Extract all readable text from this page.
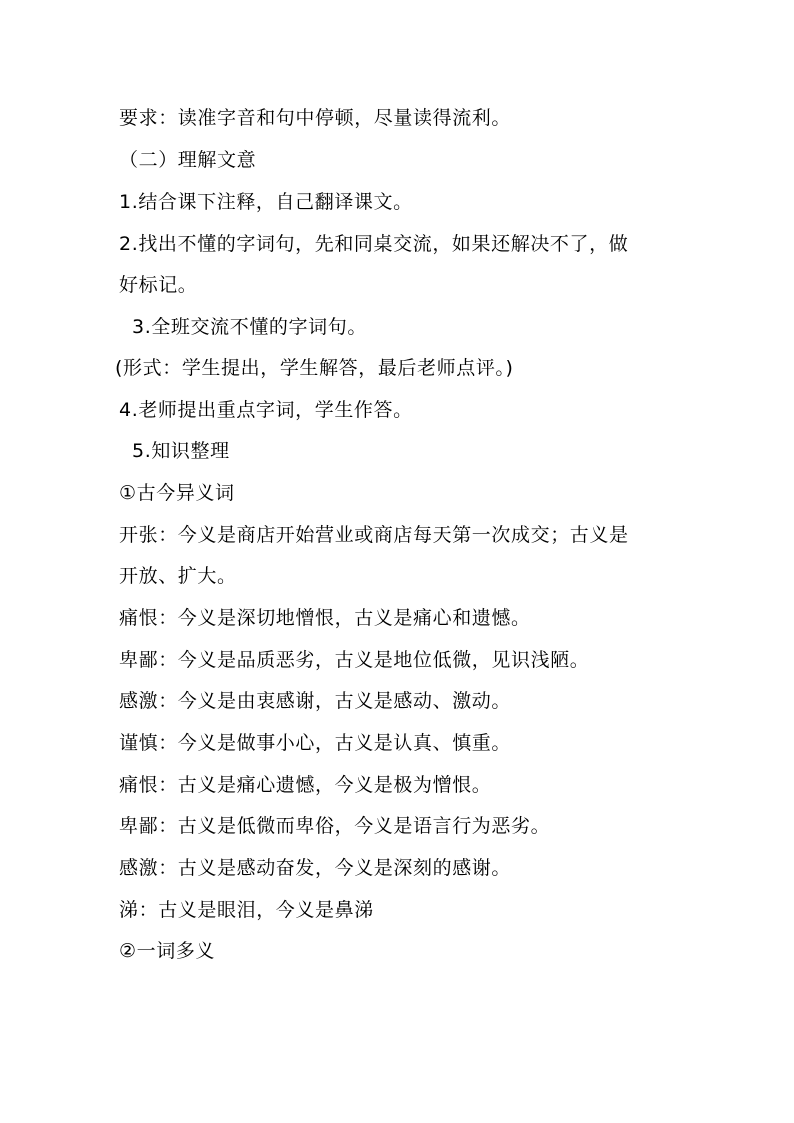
要求：读准字音和句中停顿，尽量读得流利。
（二）理解文意
1.结合课下注释，自己翻译课文。
2.找出不懂的字词句，先和同桌交流，如果还解决不了，做
好标记。
3.全班交流不懂的字词句。
(形式：学生提出，学生解答，最后老师点评。)
4.老师提出重点字词，学生作答。
5.知识整理
①古今异义词
开张：今义是商店开始营业或商店每天第一次成交；古义是
开放、扩大。
痛恨：今义是深切地憎恨，古义是痛心和遗憾。
卑鄙：今义是品质恶劣，古义是地位低微，见识浅陋。
感激：今义是由衷感谢，古义是感动、激动。
谨慎：今义是做事小心，古义是认真、慎重。
痛恨：古义是痛心遗憾，今义是极为憎恨。
卑鄙：古义是低微而卑俗，今义是语言行为恶劣。
感激：古义是感动奋发，今义是深刻的感谢。
涕：古义是眼泪，今义是鼻涕
②一词多义
